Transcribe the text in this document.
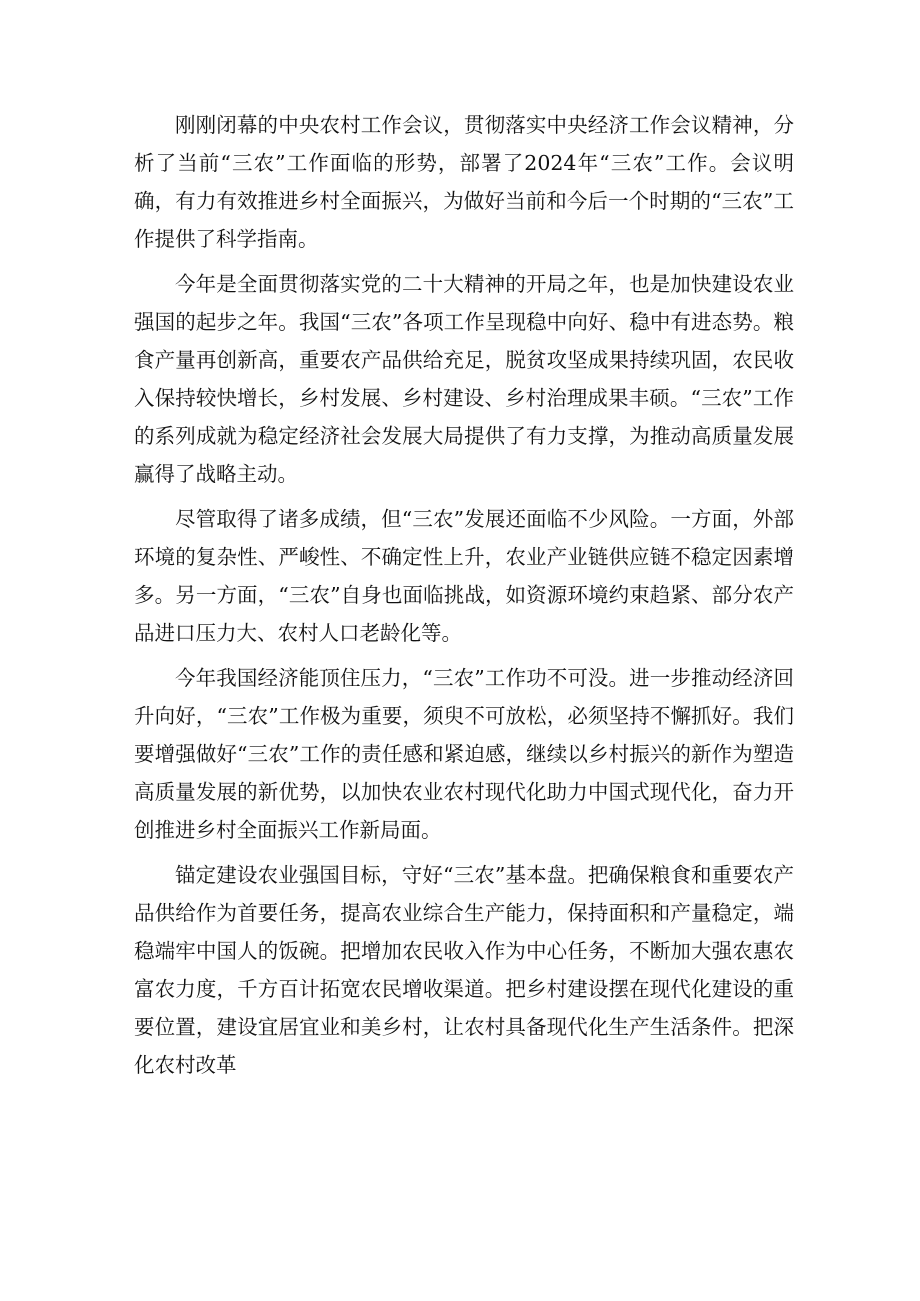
刚刚闭幕的中央农村工作会议，贯彻落实中央经济工作会议精神，分析了当前“三农”工作面临的形势，部署了2024年“三农”工作。会议明确，有力有效推进乡村全面振兴，为做好当前和今后一个时期的“三农”工作提供了科学指南。

今年是全面贯彻落实党的二十大精神的开局之年，也是加快建设农业强国的起步之年。我国“三农”各项工作呈现稳中向好、稳中有进态势。粮食产量再创新高，重要农产品供给充足，脱贫攻坚成果持续巩固，农民收入保持较快增长，乡村发展、乡村建设、乡村治理成果丰硕。“三农”工作的系列成就为稳定经济社会发展大局提供了有力支撑，为推动高质量发展赢得了战略主动。

尽管取得了诸多成绩，但“三农”发展还面临不少风险。一方面，外部环境的复杂性、严峻性、不确定性上升，农业产业链供应链不稳定因素增多。另一方面，“三农”自身也面临挑战，如资源环境约束趋紧、部分农产品进口压力大、农村人口老龄化等。

今年我国经济能顶住压力，“三农”工作功不可没。进一步推动经济回升向好，“三农”工作极为重要，须臾不可放松，必须坚持不懈抓好。我们要增强做好“三农”工作的责任感和紧迫感，继续以乡村振兴的新作为塑造高质量发展的新优势，以加快农业农村现代化助力中国式现代化，奋力开创推进乡村全面振兴工作新局面。

锚定建设农业强国目标，守好“三农”基本盘。把确保粮食和重要农产品供给作为首要任务，提高农业综合生产能力，保持面积和产量稳定，端稳端牢中国人的饭碗。把增加农民收入作为中心任务，不断加大强农惠农富农力度，千方百计拓宽农民增收渠道。把乡村建设摆在现代化建设的重要位置，建设宜居宜业和美乡村，让农村具备现代化生产生活条件。把深化农村改革
